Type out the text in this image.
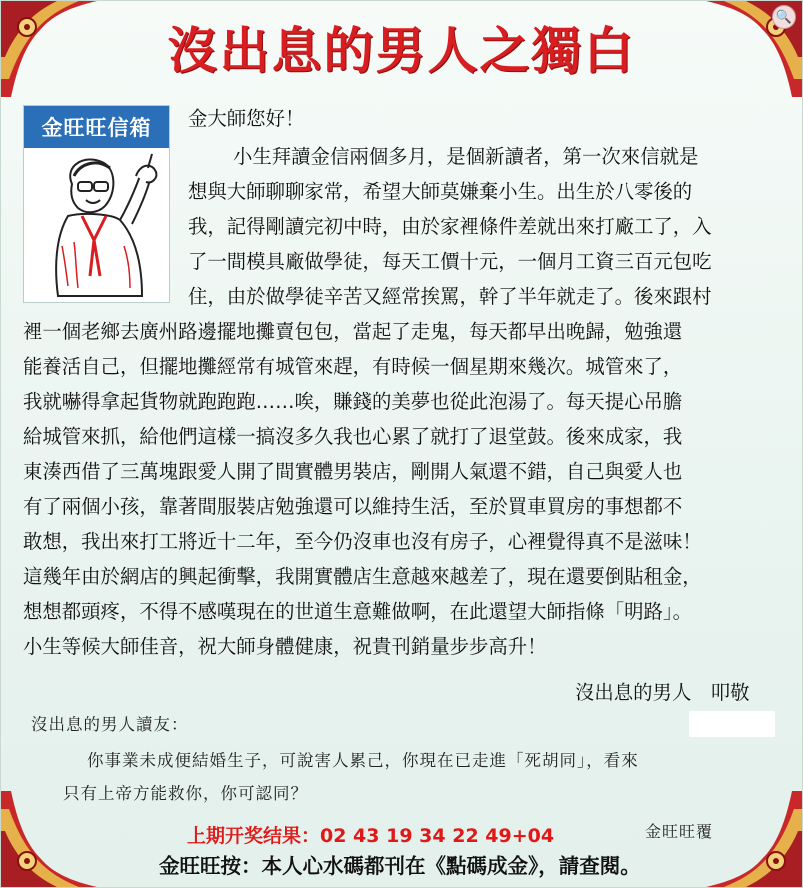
🔍
沒出息的男人之獨白
金旺旺信箱	金大師您好！
小生拜讀金信兩個多月，是個新讀者，第一次來信就是
想與大師聊聊家常，希望大師莫嫌棄小生。出生於八零後的
我，記得剛讀完初中時，由於家裡條件差就出來打廠工了，入
了一間模具廠做學徒，每天工價十元，一個月工資三百元包吃
住，由於做學徒辛苦又經常挨罵，幹了半年就走了。後來跟村
裡一個老鄉去廣州路邊擺地攤賣包包，當起了走鬼，每天都早出晚歸，勉強還
能養活自己，但擺地攤經常有城管來趕，有時候一個星期來幾次。城管來了，
我就嚇得拿起貨物就跑跑跑……唉，賺錢的美夢也從此泡湯了。每天提心吊膽
給城管來抓，給他們這樣一搞沒多久我也心累了就打了退堂鼓。後來成家，我
東湊西借了三萬塊跟愛人開了間實體男裝店，剛開人氣還不錯，自己與愛人也
有了兩個小孩，靠著間服裝店勉強還可以維持生活，至於買車買房的事想都不
敢想，我出來打工將近十二年，至今仍沒車也沒有房子，心裡覺得真不是滋味！
這幾年由於網店的興起衝擊，我開實體店生意越來越差了，現在還要倒貼租金，
想想都頭疼，不得不感嘆現在的世道生意難做啊，在此還望大師指條「明路」。
小生等候大師佳音，祝大師身體健康，祝貴刊銷量步步高升！
沒出息的男人　叩敬
沒出息的男人讀友：
你事業未成便結婚生子，可說害人累己，你現在已走進「死胡同」，看來
只有上帝方能救你，你可認同？
金旺旺覆
上期开奖结果：02 43 19 34 22 49+04
金旺旺按：本人心水碼都刊在《點碼成金》，請查閱。
